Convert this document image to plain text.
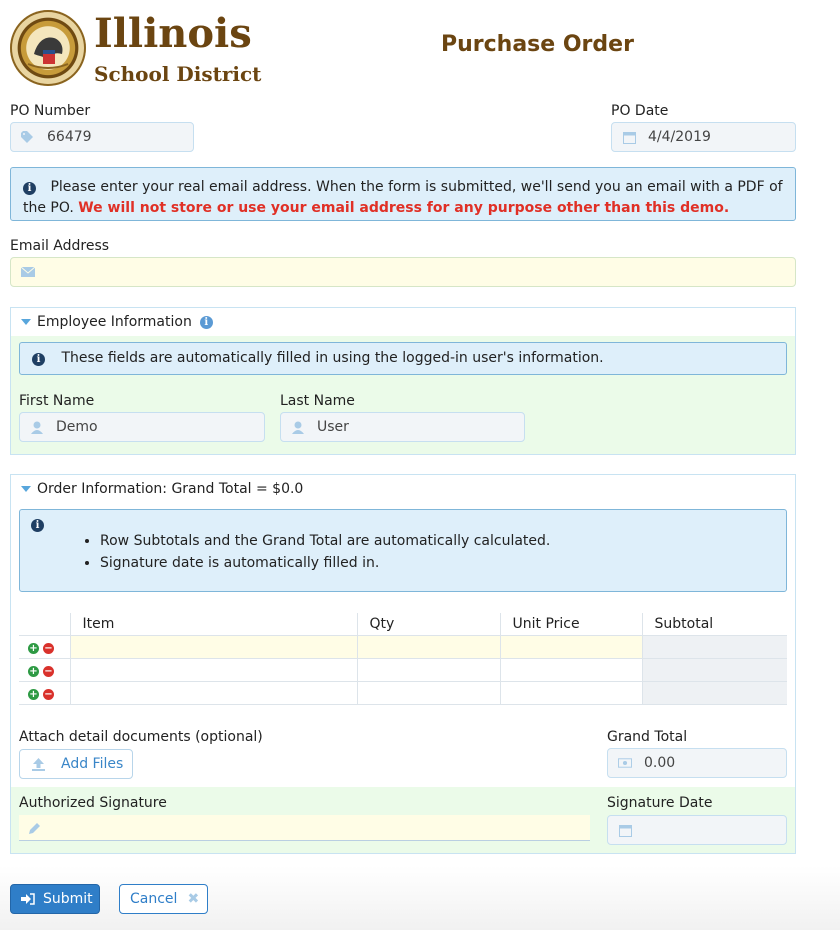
Illinois
School District
Purchase Order
PO Number
66479
PO Date
4/4/2019
i Please enter your real email address. When the form is submitted, we'll send you an email with a PDF of the PO. We will not store or use your email address for any purpose other than this demo.
Email Address
Employee Information	i
i These fields are automatically filled in using the logged-in user's information.
First Name
Demo
Last Name
User
Order Information: Grand Total = $0.0
i
• Row Subtotals and the Grand Total are automatically calculated.
• Signature date is automatically filled in.
	Item	Qty	Unit Price	Subtotal
+ −				
+ −				
+ −				
Attach detail documents (optional)
Add Files
Grand Total
0.00
Authorized Signature	Signature Date
Submit	Cancel ✖
